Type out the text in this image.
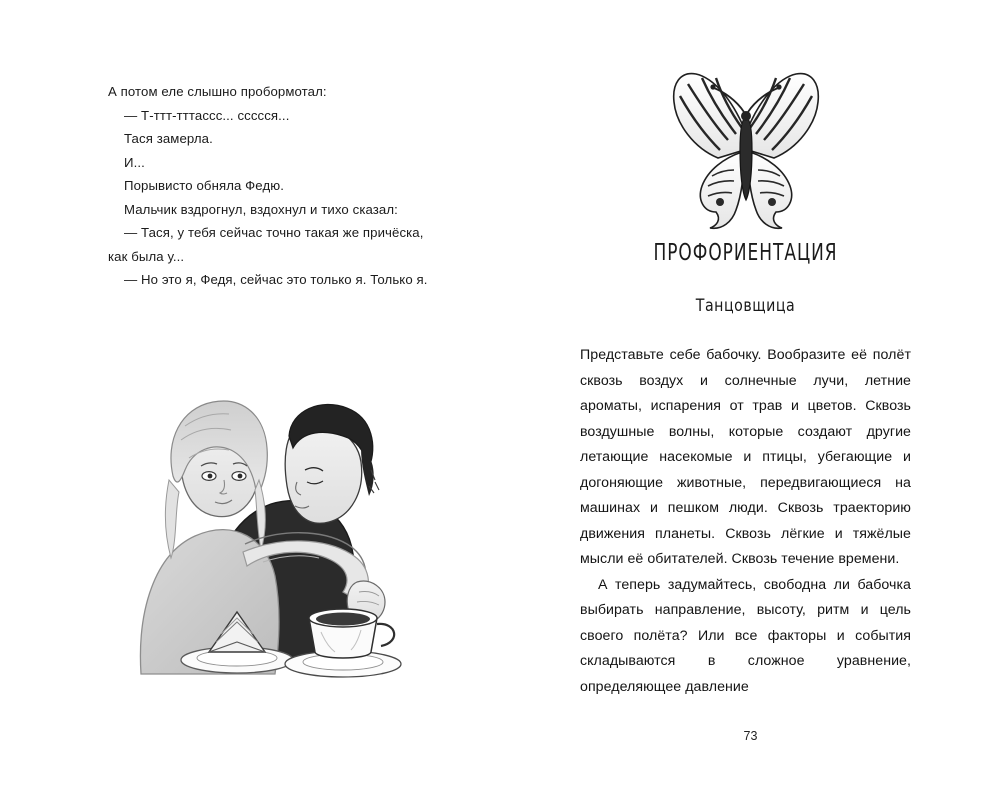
А потом еле слышно пробормотал:

— Т-ттт-тттассс... ссссся...

Тася замерла.

И...

Порывисто обняла Федю.

Мальчик вздрогнул, вздохнул и тихо сказал:

— Тася, у тебя сейчас точно такая же причёска, как была у...

— Но это я, Федя, сейчас это только я. Только я.

ПРОФОРИЕНТАЦИЯ
Танцовщица

Представьте себе бабочку. Вообразите её полёт сквозь воздух и солнечные лучи, летние ароматы, испарения от трав и цветов. Сквозь воздушные волны, которые создают другие летающие насекомые и птицы, убегающие и догоняющие животные, передвигающиеся на машинах и пешком люди. Сквозь траекторию движения планеты. Сквозь лёгкие и тяжёлые мысли её обитателей. Сквозь течение времени.

А теперь задумайтесь, свободна ли бабочка выбирать направление, высоту, ритм и цель своего полёта? Или все факторы и события складываются в сложное уравнение, определяющее давление

73
